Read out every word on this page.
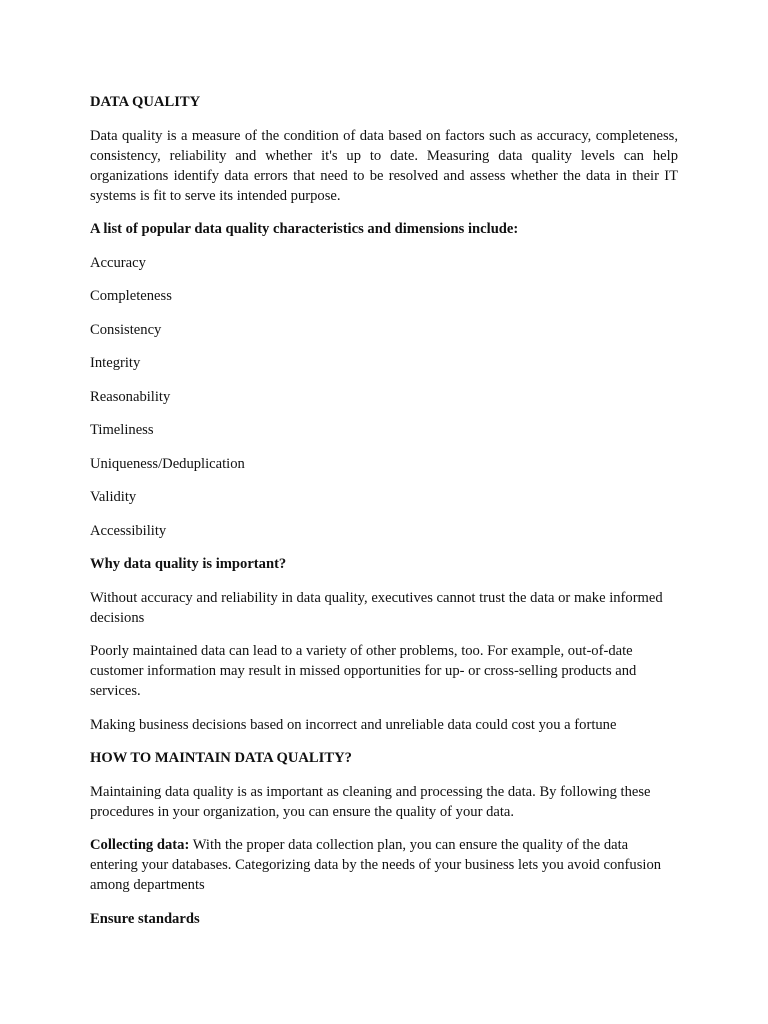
DATA QUALITY

Data quality is a measure of the condition of data based on factors such as accuracy, completeness, consistency, reliability and whether it's up to date. Measuring data quality levels can help organizations identify data errors that need to be resolved and assess whether the data in their IT systems is fit to serve its intended purpose.

A list of popular data quality characteristics and dimensions include:

Accuracy

Completeness

Consistency

Integrity

Reasonability

Timeliness

Uniqueness/Deduplication

Validity

Accessibility

Why data quality is important?

Without accuracy and reliability in data quality, executives cannot trust the data or make informed decisions

Poorly maintained data can lead to a variety of other problems, too. For example, out-of-date customer information may result in missed opportunities for up- or cross-selling products and services.

Making business decisions based on incorrect and unreliable data could cost you a fortune

HOW TO MAINTAIN DATA QUALITY?

Maintaining data quality is as important as cleaning and processing the data. By following these procedures in your organization, you can ensure the quality of your data.

Collecting data: With the proper data collection plan, you can ensure the quality of the data entering your databases. Categorizing data by the needs of your business lets you avoid confusion among departments

Ensure standards
